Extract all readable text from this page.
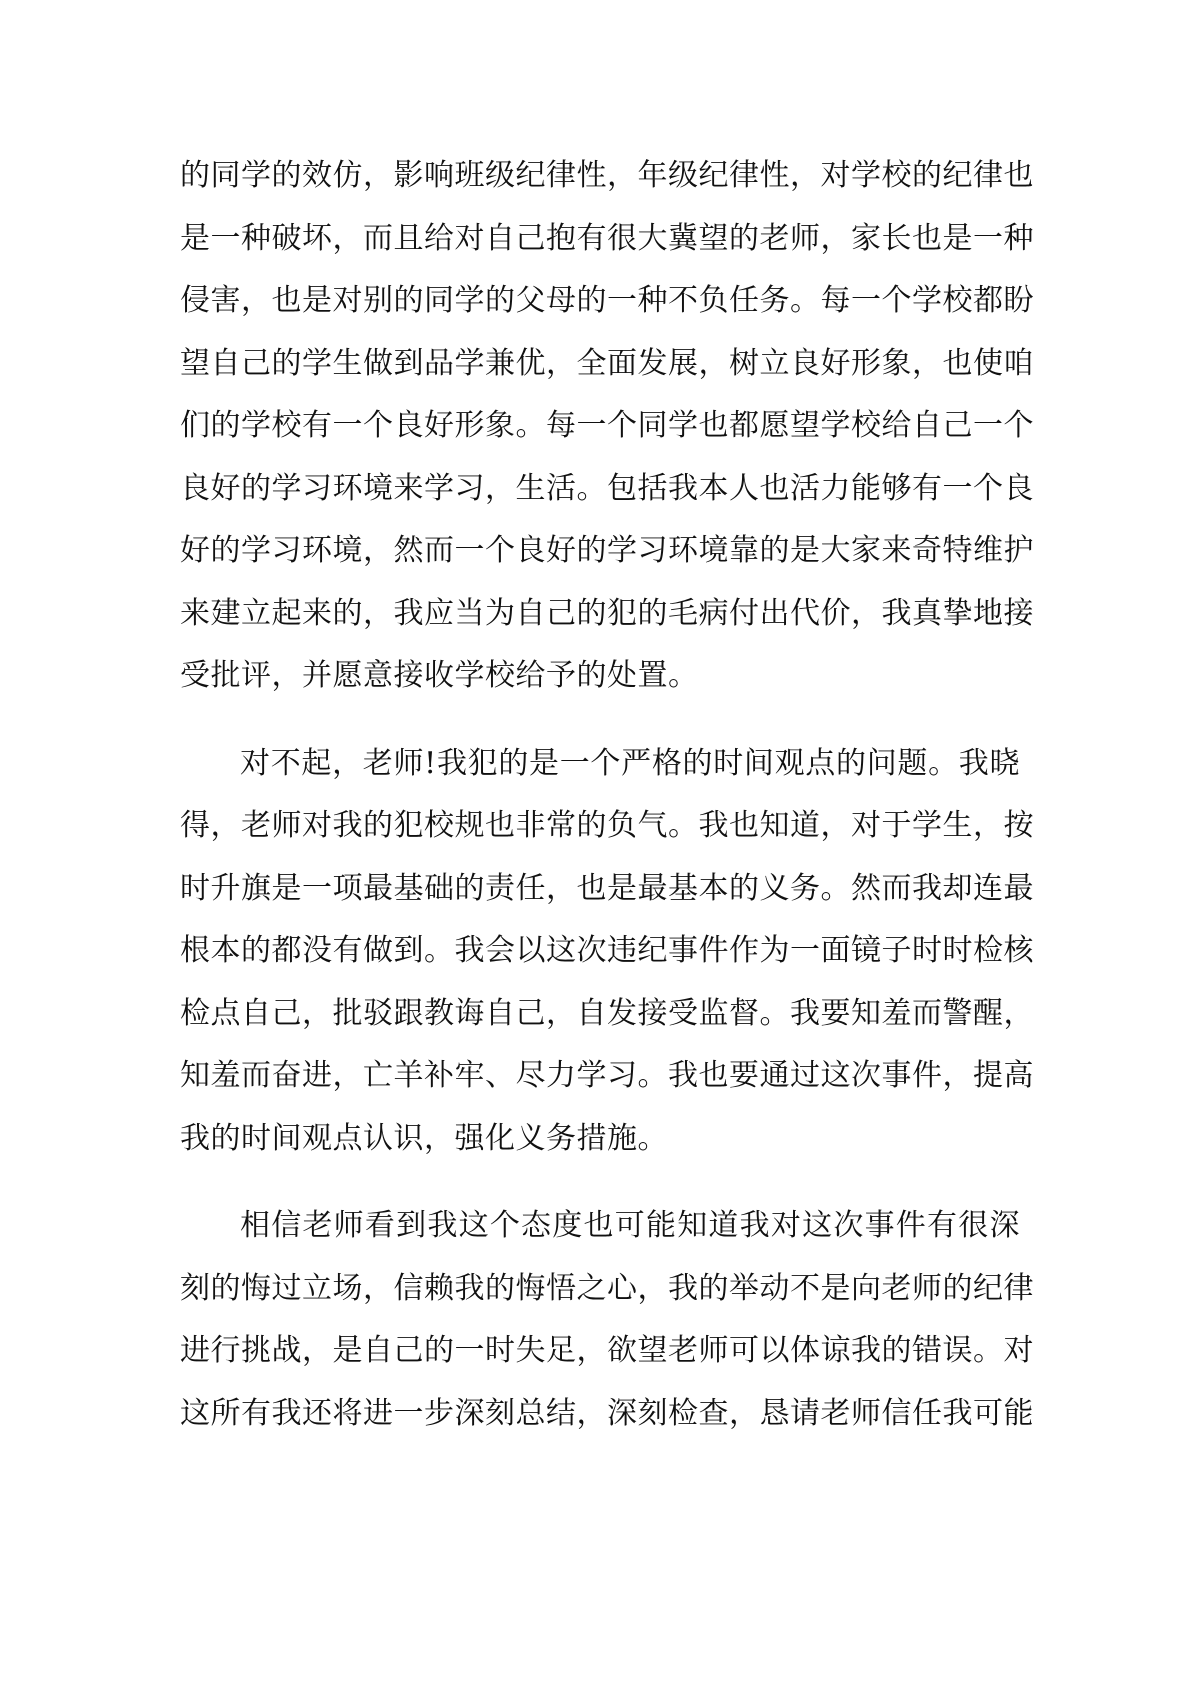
的同学的效仿，影响班级纪律性，年级纪律性，对学校的纪律也
是一种破坏，而且给对自己抱有很大冀望的老师，家长也是一种
侵害，也是对别的同学的父母的一种不负任务。每一个学校都盼
望自己的学生做到品学兼优，全面发展，树立良好形象，也使咱
们的学校有一个良好形象。每一个同学也都愿望学校给自己一个
良好的学习环境来学习，生活。包括我本人也活力能够有一个良
好的学习环境，然而一个良好的学习环境靠的是大家来奇特维护
来建立起来的，我应当为自己的犯的毛病付出代价，我真挚地接
受批评，并愿意接收学校给予的处置。
对不起，老师!我犯的是一个严格的时间观点的问题。我晓
得，老师对我的犯校规也非常的负气。我也知道，对于学生，按
时升旗是一项最基础的责任，也是最基本的义务。然而我却连最
根本的都没有做到。我会以这次违纪事件作为一面镜子时时检核
检点自己，批驳跟教诲自己，自发接受监督。我要知羞而警醒，
知羞而奋进，亡羊补牢、尽力学习。我也要通过这次事件，提高
我的时间观点认识，强化义务措施。
相信老师看到我这个态度也可能知道我对这次事件有很深
刻的悔过立场，信赖我的悔悟之心，我的举动不是向老师的纪律
进行挑战，是自己的一时失足，欲望老师可以体谅我的错误。对
这所有我还将进一步深刻总结，深刻检查，恳请老师信任我可能
